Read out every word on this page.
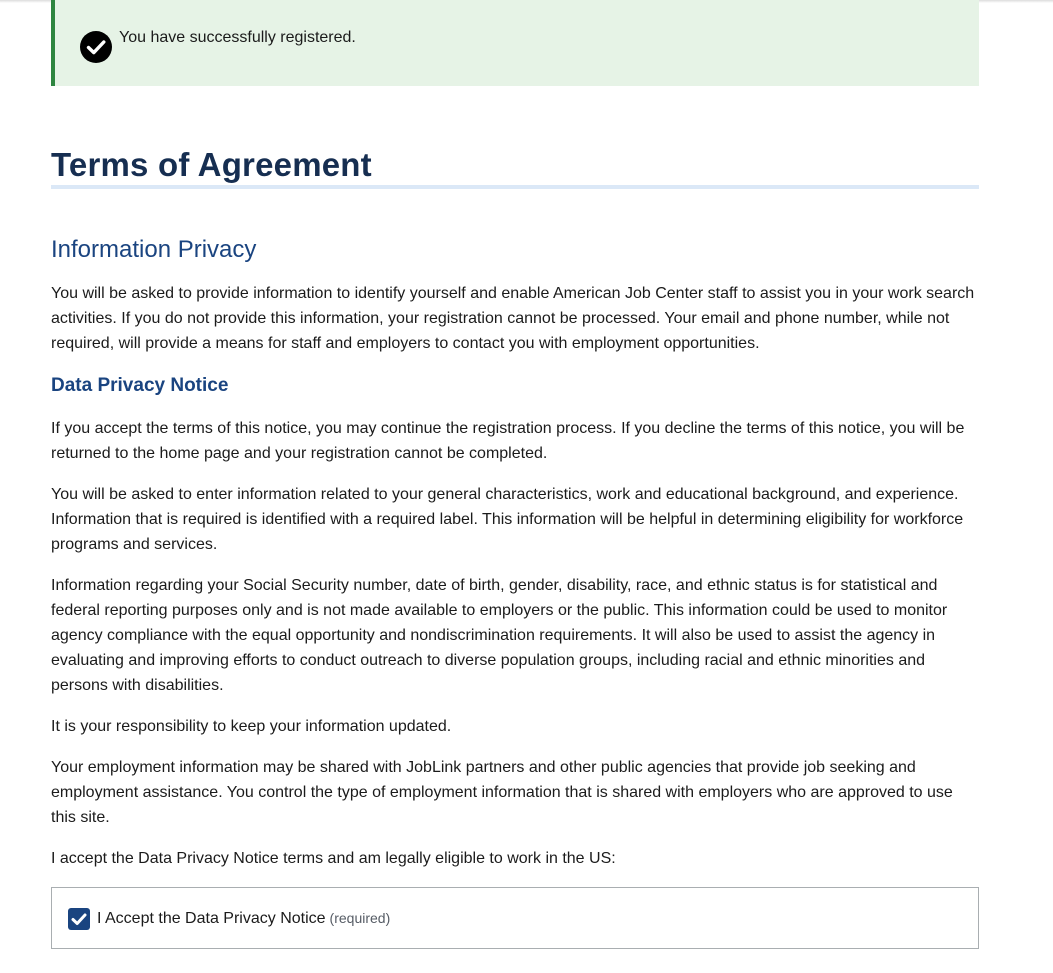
You have successfully registered.
Terms of Agreement
Information Privacy

You will be asked to provide information to identify yourself and enable American Job Center staff to assist you in your work search activities. If you do not provide this information, your registration cannot be processed. Your email and phone number, while not required, will provide a means for staff and employers to contact you with employment opportunities.

Data Privacy Notice

If you accept the terms of this notice, you may continue the registration process. If you decline the terms of this notice, you will be returned to the home page and your registration cannot be completed.

You will be asked to enter information related to your general characteristics, work and educational background, and experience. Information that is required is identified with a required label. This information will be helpful in determining eligibility for workforce programs and services.

Information regarding your Social Security number, date of birth, gender, disability, race, and ethnic status is for statistical and federal reporting purposes only and is not made available to employers or the public. This information could be used to monitor agency compliance with the equal opportunity and nondiscrimination requirements. It will also be used to assist the agency in evaluating and improving efforts to conduct outreach to diverse population groups, including racial and ethnic minorities and persons with disabilities.

It is your responsibility to keep your information updated.

Your employment information may be shared with JobLink partners and other public agencies that provide job seeking and employment assistance. You control the type of employment information that is shared with employers who are approved to use this site.

I accept the Data Privacy Notice terms and am legally eligible to work in the US:

I Accept the Data Privacy Notice (required)
